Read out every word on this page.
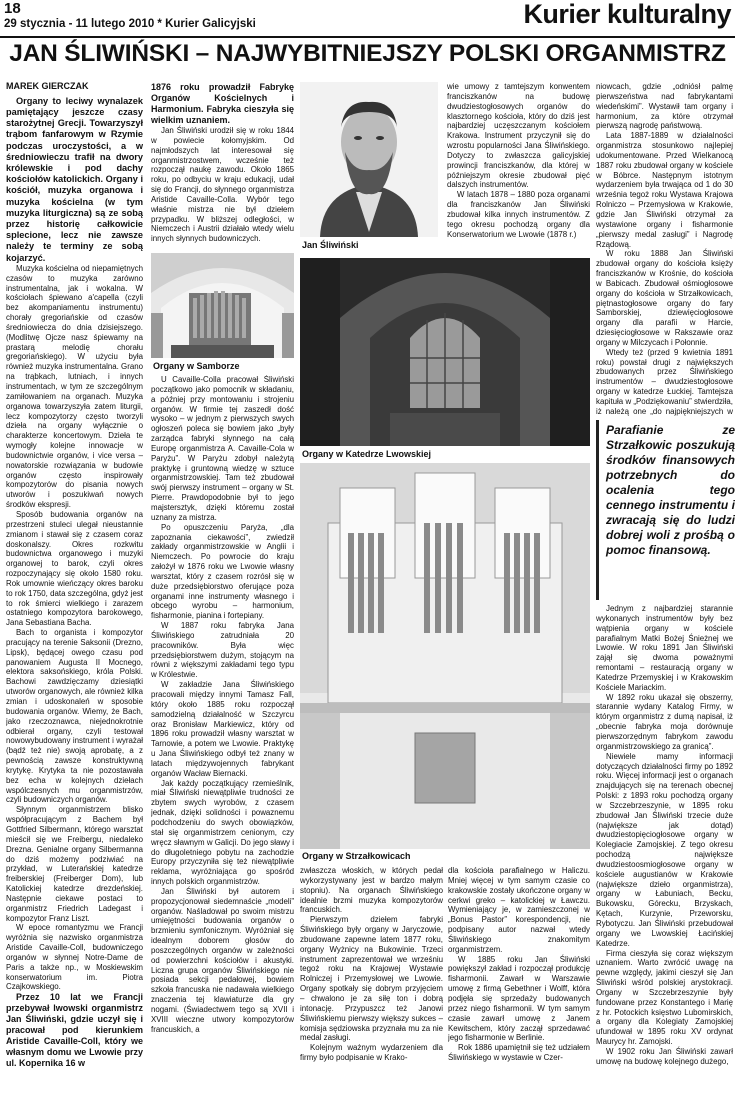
18
29 stycznia - 11 lutego 2010 * Kurier Galicyjski	Kurier kulturalny
JAN ŚLIWIŃSKI – NAJWYBITNIEJSZY POLSKI ORGANMISTRZ
MAREK GIERCZAK

Organy to leciwy wynalazek pamiętający jeszcze czasy starożytnej Grecji. Towarzyszył trąbom fanfarowym w Rzymie podczas uroczystości, a w średniowieczu trafił na dwory królewskie i pod dachy kościołów katolickich. Organy i kościół, muzyka organowa i muzyka kościelna (w tym muzyka liturgiczna) są ze sobą przez historię całkowicie splecione, lecz nie zawsze należy te terminy ze sobą kojarzyć.

Muzyka kościelna od niepamiętnych czasów to muzyka zarówno instrumentalna, jak i wokalna. W kościołach śpiewano a'capella (czyli bez akompaniamentu instrumentu) chorały gregoriańskie od czasów średniowiecza do dnia dzisiejszego. (Modlitwę Ojcze nasz śpiewamy na prastarą melodię chorału gregoriańskiego). W użyciu była również muzyka instrumentalna. Grano na trąbkach, lutniach, i innych instrumentach, w tym ze szczególnym zamiłowaniem na organach. Muzyka organowa towarzyszyła zatem liturgii, lecz kompozytorzy często tworzyli dzieła na organy wyłącznie o charakterze koncertowym. Dzieła te wymogły kolejne innowacje w budownictwie organów, i vice versa – nowatorskie rozwiązania w budowie organów często inspirowały kompozytorów do pisania nowych utworów i poszukiwań nowych środków ekspresji.

Sposób budowania organów na przestrzeni stuleci ulegał nieustannie zmianom i stawał się z czasem coraz doskonalszy. Okres rozkwitu budownictwa organowego i muzyki organowej to barok, czyli okres rozpoczynający się około 1580 roku. Rok umownie wieńczący okres baroku to rok 1750, data szczególna, gdyż jest to rok śmierci wielkiego i zarazem ostatniego kompozytora barokowego, Jana Sebastiana Bacha.

Bach to organista i kompozytor pracujący na terenie Saksonii (Drezno, Lipsk), będącej owego czasu pod panowaniem Augusta II Mocnego, elektora saksońskiego, króla Polski. Bachowi zawdzięczamy dziesiątki utworów organowych, ale również kilka zmian i udoskonaleń w sposobie budowania organów. Wiemy, że Bach, jako rzeczoznawca, niejednokrotnie odbierał organy, czyli testował nowowybudowany instrument i wyrażał (bądź też nie) swoją aprobatę, a z pewnością zawsze konstruktywną krytykę. Krytyka ta nie pozostawała bez echa w kolejnych dziełach wspólczesnych mu organmistrzów, czyli budowniczych organów.

Słynnym organmistrzem blisko współpracującym z Bachem był Gottfried Silbermann, którego warsztat mieścił się we Freibergu, niedaleko Drezna. Genialne organy Silbermanna do dziś możemy podziwiać na przykład, w Luterańskiej katedrze freiberskiej (Freiberger Dom), lub Katolickiej katedrze drezdeńskiej. Następnie ciekawe postaci to organmistrz Friedrich Ladegast i kompozytor Franz Liszt.

W epoce romantyzmu we Francji wyróżnia się nazwisko organmistrza Aristide Cavaille-Coll, budowniczego organów w słynnej Notre-Dame de Paris a także np., w Moskiewskim konserwatorium im. Piotra Czajkowskiego.

Przez 10 lat we Francji przebywał lwowski organmistrz Jan Śliwiński, gdzie uczył się i pracował pod kierunkiem Aristide Cavaille-Coll, który we własnym domu we Lwowie przy ul. Kopernika 16 w

1876 roku prowadził Fabrykę Organów Kościelnych i Harmonium. Fabryka cieszyła się wielkim uznaniem.

Jan Śliwiński urodził się w roku 1844 w powiecie kołomyjskim. Od najmłodszych lat interesował się organmistrzostwem, wcześnie też rozpoczął naukę zawodu. Około 1865 roku, po odbyciu w kraju edukacji, udał się do Francji, do słynnego organmistrza Aristide Cavaille-Colla. Wybór tego właśnie mistrza nie był dziełem przypadku. W bliższej odległości, w Niemczech i Austrii działało wtedy wielu innych słynnych budowniczych.

Organy w Samborze

U Cavaille-Colla pracował Śliwiński początkowo jako pomocnik w składaniu, a później przy montowaniu i strojeniu organów. W firmie tej zaszedł dość wysoko – w jednym z pierwszych swych ogłoszeń poleca się bowiem jako „były zarządca fabryki słynnego na całą Europę organmistrza A. Cavaille-Cola w Paryżu”. W Paryżu zdobył należytą praktykę i gruntowną wiedzę w sztuce organmistrzowskiej. Tam też zbudował swój pierwszy instrument – organy w St. Pierre. Prawdopodobnie był to jego majstersztyk, dzięki któremu został uznany za mistrza.

Po opuszczeniu Paryża, „dla zapoznania ciekawości”, zwiedził zakłady organmistrzowskie w Anglii i Niemczech. Po powrocie do kraju założył w 1876 roku we Lwowie własny warsztat, który z czasem rozrósł się w duże przedsiębiorstwo oferujące poza organami inne instrumenty własnego i obcego wyrobu – harmonium, fisharmonie, pianina i fortepiany.

W 1887 roku fabryka Jana Śliwińskiego zatrudniała 20 pracowników. Była więc przedsiębiorstwem dużym, stojącym na równi z większymi zakładami tego typu w Królestwie.

W zakładzie Jana Śliwińskiego pracowali między innymi Tamasz Fall, który około 1885 roku rozpoczął samodzielną działalność w Szczyrcu oraz Bronisław Markiewicz, który od 1896 roku prowadził własny warsztat w Tarnowie, a potem we Lwowie. Praktykę u Jana Śliwińskiego odbył też znany w latach międzywojennych fabrykant organów Wacław Biernacki.

Jak każdy początkujący rzemieślnik, miał Śliwiński niewątpliwie trudności ze zbytem swych wyrobów, z czasem jednak, dzięki solidności i powaznemu podchodzeniu do swych obowiązków, stał się organmistrzem cenionym, czy wręcz sławnym w Galicji. Do jego sławy i do długoletniego pobytu na zachodzie Europy przyczyniła się też niewątpliwie reklama, wyróżniająca go spośród innych polskich organmistrzów.

Jan Śliwiński był autorem i propozycjonował siedemnaście „modeli” organów. Naśladował po swoim mistrzu umiejętności budowania organów o brzmieniu symfonicznym. Wyróżniał się idealnym doborem głosów do poszczególnych organów w zależności od powierzchni kościołów i akustyki. Liczna grupa organów Śliwińskiego nie posiada sekcji pedałowej, bowiem szkoła francuska nie nadawała wielkiego znaczenia tej klawiaturze dla gry nogami. (Świadectwem tego są XVII i XVIII wieczne utwory kompozytorów francuskich, a

Jan Śliwiński

wie umowy z tamtejszym konwentem franciszkanów na budowę dwudziestogłosowych organów do klasztornego kościoła, który do dziś jest najbardziej uczęszczanym kościołem Krakowa. Instrument przyczynił się do wzrostu popularności Jana Śliwińskiego. Dotyczy to zwłaszcza galicyjskiej prowincji franciszkanów, dla której w późniejszym okresie zbudował pięć dalszych instrumentów.

W latach 1878 – 1880 poza organami dla franciszkanów Jan Śliwiński zbudował kilka innych instrumentów. Z tego okresu pochodzą organy dla Konserwatorium we Lwowie (1878 r.)

Organy w Katedrze Lwowskiej
Organy w Strzałkowicach

zwłaszcza włoskich, w których pedał wykorzystywany jest w bardzo małym stopniu). Na organach Śliwińskiego idealnie brzmi muzyka kompozytorów francuskich.

Pierwszym dziełem fabryki Śliwińskiego były organy w Jaryczowie, zbudowane zapewne latem 1877 roku, organy Wyżnicy na Bukowinie. Trzeci instrument zaprezentował we wrześniu tegoż roku na Krajowej Wystawie Rolniczej i Przemysłowej we Lwowie. Organy spotkały się dobrym przyjęciem – chwalono je za siłę ton i dobrą intonację. Przypuszcz też Janowi Śliwińskiemu pierwszy większy sukces – komisja sędziowska przyznała mu za nie medal zasługi.

Kolejnym ważnym wydarzeniem dla firmy było podpisanie w Krako-

dla kościoła parafialnego w Haliczu. Mniej więcej w tym samym czasie co krakowskie zostały ukończone organy w cerkwi greko – katolickiej w Ławczu. Wymieniający je, w zamieszczonej w „Bonus Pastor” korespondencji, nie podpisany autor nazwał wtedy Śliwińskiego znakomitym organmistrzem.

W 1885 roku Jan Śliwiński powiększył zakład i rozpoczął produkcję fisharmonii. Zawarł w Warszawie umowę z firmą Gebethner i Wolff, która podjęła się sprzedaży budowanych przez niego fisharmonii. W tym samym czasie zawarł umowę z Janem Kewitschem, który zaczął sprzedawać jego fisharmonie w Berlinie.

Rok 1886 upamiętnił się też udziałem Śliwińskiego w wystawie w Czer-

niowcach, gdzie „odniósł palmę pierwszeństwa nad fabrykantami wiedeńskimi”. Wystawił tam organy i harmonium, za które otrzymał pierwszą nagrodę państwową.

Lata 1887-1889 w działalności organmistrza stosunkowo najlepiej udokumentowane. Przed Wielkanocą 1887 roku zbudował organy w kościele w Bóbrce. Następnym istotnym wydarzeniem była trwająca od 1 do 30 września tegoż roku Wystawa Krajowa Rolniczo – Przemysłowa w Krakowie, gdzie Jan Śliwiński otrzymał za wystawione organy i fisharmonie „pierwszy medal zasługi” i Nagrodę Rządową.

W roku 1888 Jan Śliwiński zbudował organy do kościoła księży franciszkanów w Krośnie, do kościoła w Babicach. Zbudował ośmiogłosowe organy do kościoła w Strzałkowicach, piętnastogłosowe organy do fary Samborskiej, dziewięciogłosowe organy dla parafii w Harcie, dziesięciogłosowe w Rakszawie oraz organy w Milczycach i Połonnie.

Wtedy też (przed 9 kwietnia 1891 roku) powstał drugi z największych zbudowanych przez Śliwińskiego instrumentów – dwudziestogłosowe organy w katedrze Łuckiej. Tamtejsza kapituła w „Podziękowaniu” stwierdziła, iż należą one „do najpiękniejszych w

Parafianie ze Strzałkowic poszukują środków finansowych potrzebnych do ocalenia tego cennego instrumentu i zwracają się do ludzi dobrej woli z prośbą o pomoc finansową.

Jednym z najbardziej starannie wykonanych instrumentów były bez wątpienia organy w kościele parafialnym Matki Bożej Śnieżnej we Lwowie. W roku 1891 Jan Śliwiński zajął się dwoma poważnymi remontami – restauracją organy w Katedrze Przemyskiej i w Krakowskim Kościele Mariackim.

W 1892 roku ukazał się obszerny, starannie wydany Katalog Firmy, w którym organmistrz z dumą napisał, iż „obecnie fabryka moja dorównuje pierwszorzędnym fabrykom zawodu organmistrzowskiego za granicą”.

Niewiele mamy informacji dotyczących działalności firmy po 1892 roku. Więcej informacji jest o organach znajdujących się na terenach obecnej Polski: z 1893 roku pochodzą organy w Szczebrzeszynie, w 1895 roku zbudował Jan Śliwiński trzecie duże (największe jak dotąd) dwudziestopięciogłosowe organy w Kolegiacie Zamojskiej. Z tego okresu pochodzą największe dwudziestoosmiogłosowe organy w kościele augustianów w Krakowie (największe dzieło organmistrza), organy w Łabuniach, Becku, Bukowsku, Górecku, Brzyskach, Kętach, Kurzynie, Przeworsku, Rybotyczu. Jan Śliwiński przebudował organy we Lwowskiej Łacińskiej Katedrze.

Firma cieszyła się coraz większym uznaniem. Warto zwrócić uwagę na pewne względy, jakimi cieszył się Jan Śliwiński wśród polskiej arystokracji. Organy w Szczebrzeszynie były fundowane przez Konstantego i Marię z hr. Potockich księstwo Lubomirskich, a organy dla Kolegiaty Zamojskiej ufundował w 1895 roku XV ordynat Maurycy hr. Zamojski.

W 1902 roku Jan Śliwiński zawarł umowę na budowę kolejnego dużego,
